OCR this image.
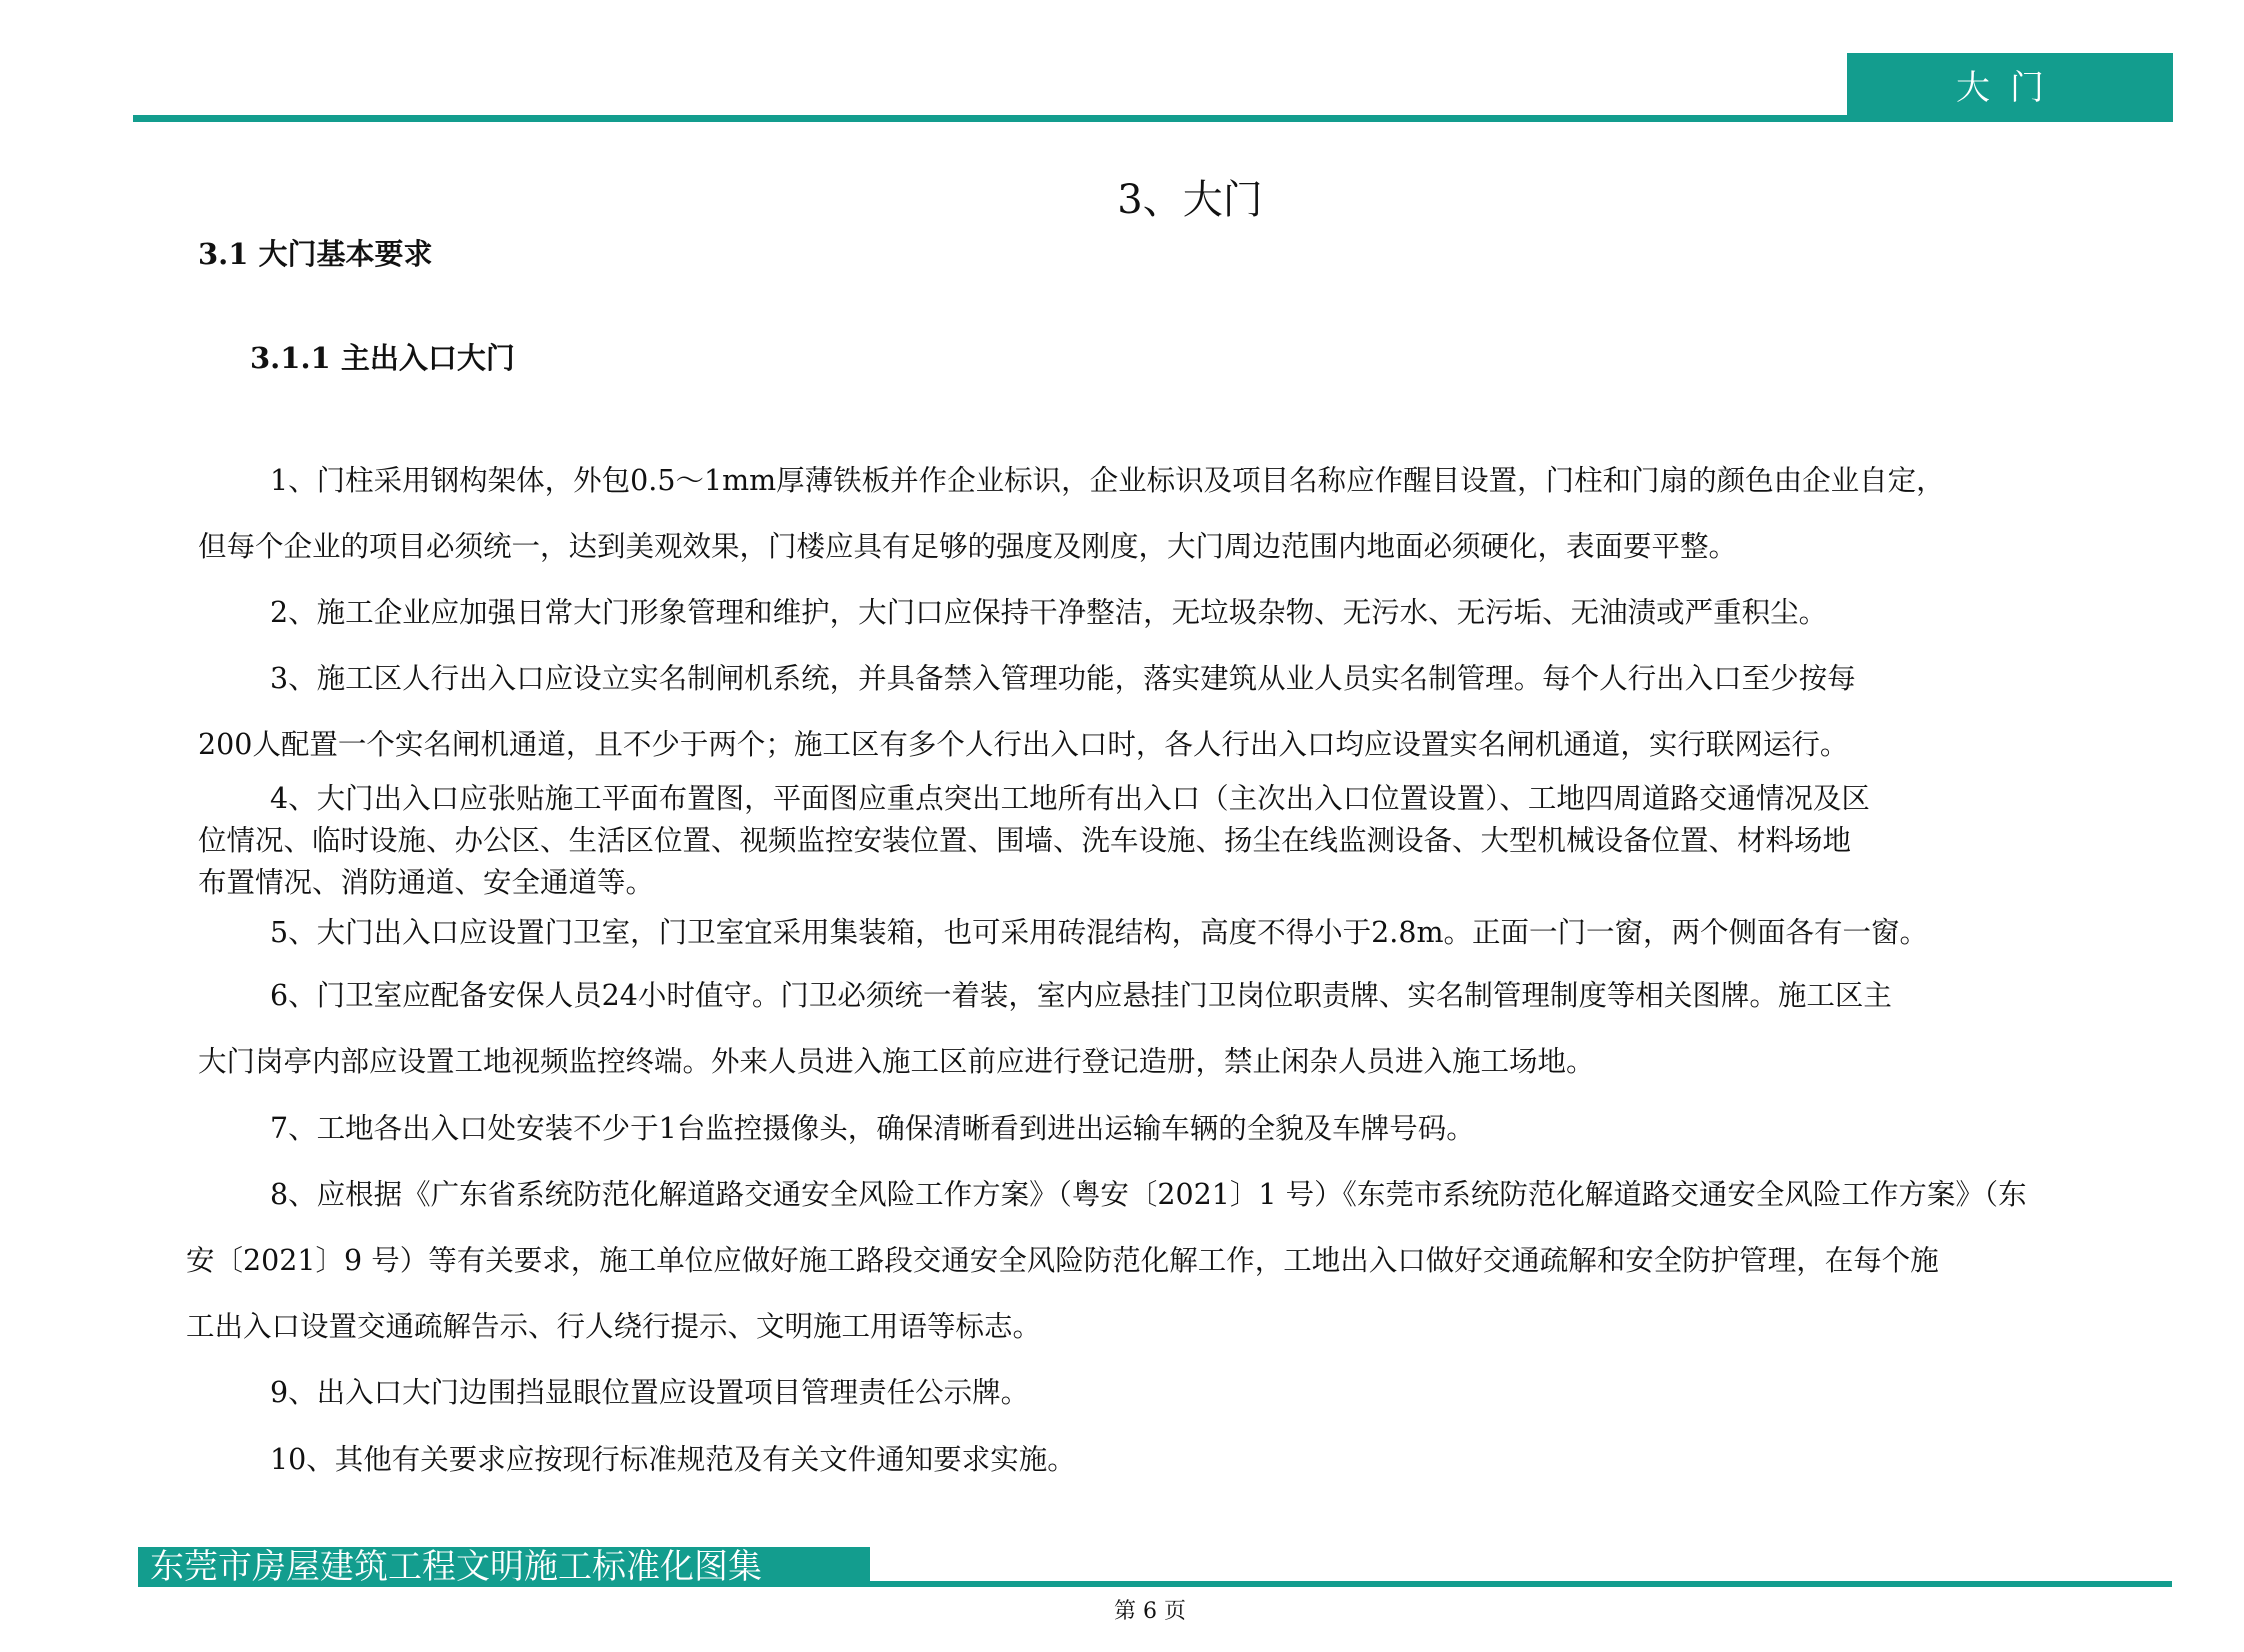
大门
3、大门
3.1 大门基本要求
3.1.1 主出入口大门
1、门柱采用钢构架体，外包0.5～1mm厚薄铁板并作企业标识，企业标识及项目名称应作醒目设置，门柱和门扇的颜色由企业自定，
但每个企业的项目必须统一，达到美观效果，门楼应具有足够的强度及刚度，大门周边范围内地面必须硬化，表面要平整。
2、施工企业应加强日常大门形象管理和维护，大门口应保持干净整洁，无垃圾杂物、无污水、无污垢、无油渍或严重积尘。
3、施工区人行出入口应设立实名制闸机系统，并具备禁入管理功能，落实建筑从业人员实名制管理。每个人行出入口至少按每
200人配置一个实名闸机通道，且不少于两个；施工区有多个人行出入口时，各人行出入口均应设置实名闸机通道，实行联网运行。
4、大门出入口应张贴施工平面布置图，平面图应重点突出工地所有出入口（主次出入口位置设置）、工地四周道路交通情况及区
位情况、临时设施、办公区、生活区位置、视频监控安装位置、围墙、洗车设施、扬尘在线监测设备、大型机械设备位置、材料场地
布置情况、消防通道、安全通道等。
5、大门出入口应设置门卫室，门卫室宜采用集装箱，也可采用砖混结构，高度不得小于2.8m。正面一门一窗，两个侧面各有一窗。
6、门卫室应配备安保人员24小时值守。门卫必须统一着装，室内应悬挂门卫岗位职责牌、实名制管理制度等相关图牌。施工区主
大门岗亭内部应设置工地视频监控终端。外来人员进入施工区前应进行登记造册，禁止闲杂人员进入施工场地。
7、工地各出入口处安装不少于1台监控摄像头，确保清晰看到进出运输车辆的全貌及车牌号码。
8、应根据《广东省系统防范化解道路交通安全风险工作方案》（粤安〔2021〕1 号）《东莞市系统防范化解道路交通安全风险工作方案》（东
安〔2021〕9 号）等有关要求，施工单位应做好施工路段交通安全风险防范化解工作，工地出入口做好交通疏解和安全防护管理，在每个施
工出入口设置交通疏解告示、行人绕行提示、文明施工用语等标志。
9、出入口大门边围挡显眼位置应设置项目管理责任公示牌。
10、其他有关要求应按现行标准规范及有关文件通知要求实施。
东莞市房屋建筑工程文明施工标准化图集
第 6 页
